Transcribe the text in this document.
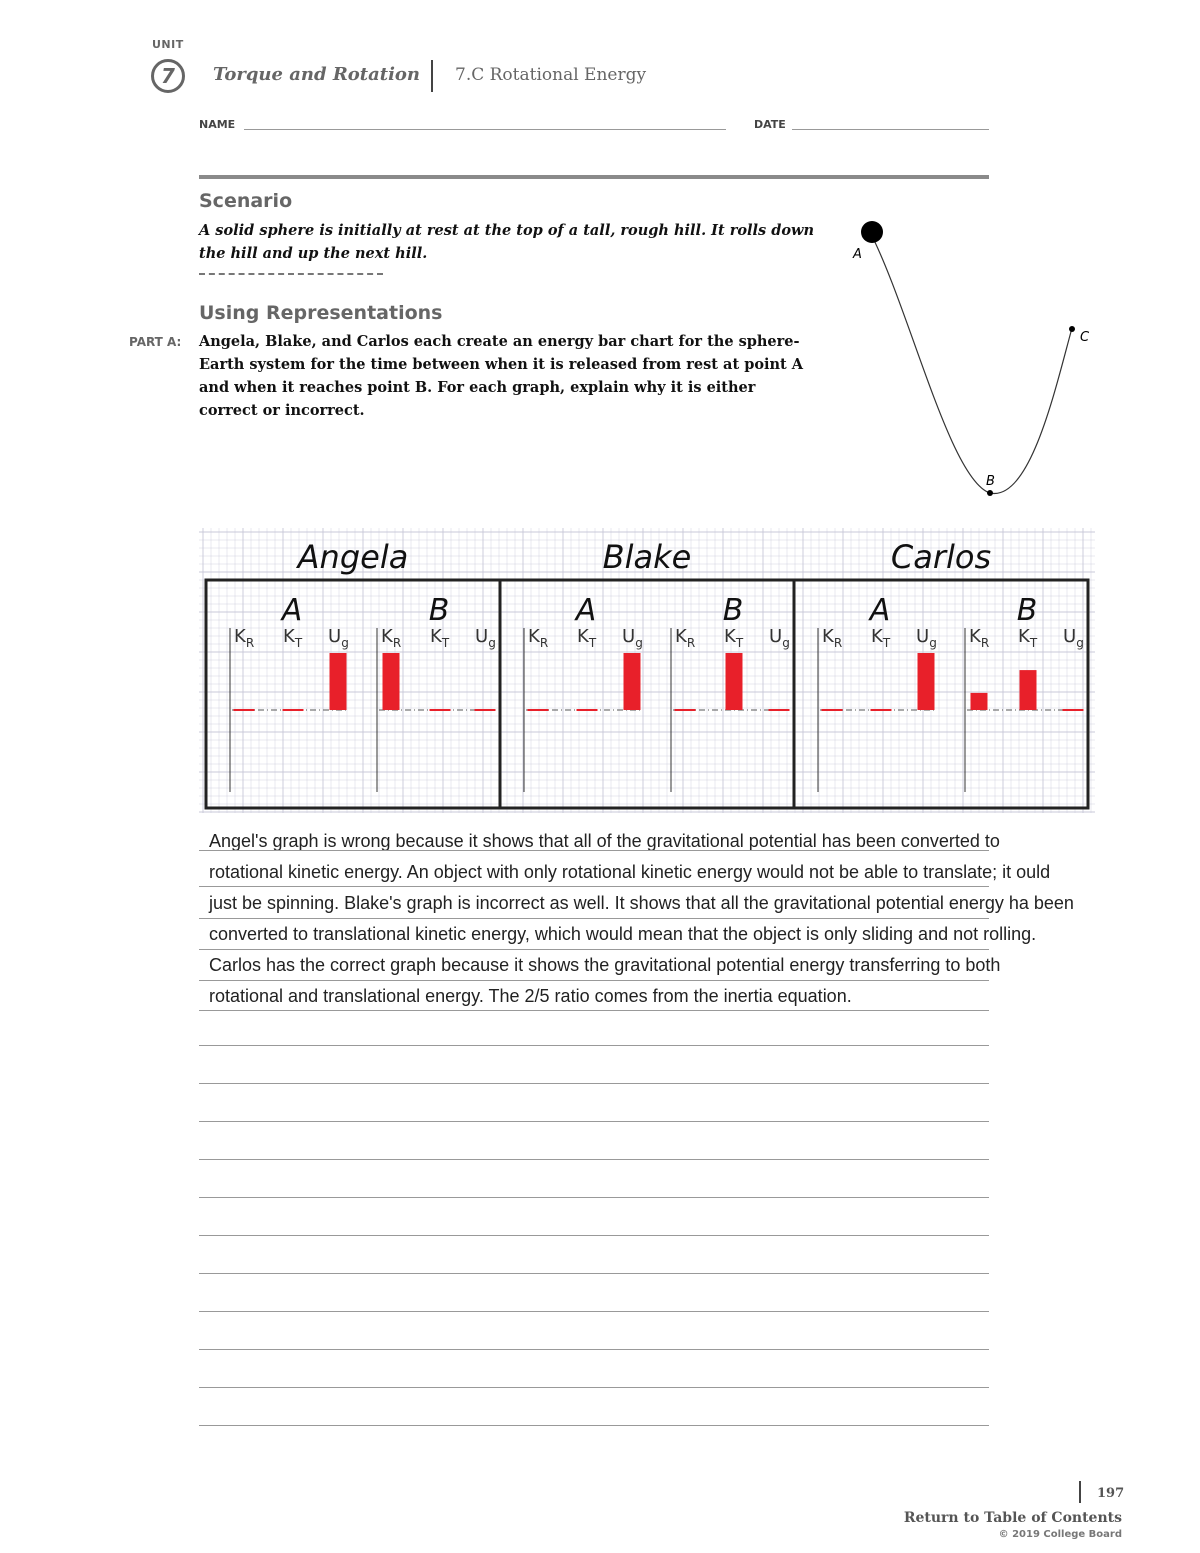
UNIT
7	Torque and Rotation 7.C Rotational Energy
NAME	DATE
Scenario
A solid sphere is initially at rest at the top of a tall, rough hill. It rolls down the hill and up the next hill.	A
B
C
Using Representations
PART A: Angela, Blake, and Carlos each create an energy bar chart for the sphere-Earth system for the time between when it is released from rest at point A and when it reaches point B. For each graph, explain why it is either correct or incorrect.
Angela
A
$K_R$ $K_T$ $U_g$
B
$K_R$ $K_T$ $U_g$
Blake
A
$K_R$ $K_T$ $U_g$
B
$K_R$ $K_T$ $U_g$
Carlos
A
$K_R$ $K_T$ $U_g$
B
$K_R$ $K_T$ $U_g$

Angel's graph is wrong because it shows that all of the gravitational potential has been converted to

rotational kinetic energy. An object with only rotational kinetic energy would not be able to translate; it ould

just be spinning. Blake's graph is incorrect as well. It shows that all the gravitational potential energy ha been

converted to translational kinetic energy, which would mean that the object is only sliding and not rolling.

Carlos has the correct graph because it shows the gravitational potential energy transferring to both

rotational and translational energy. The 2/5 ratio comes from the inertia equation.

197
Return to Table of Contents
© 2019 College Board
